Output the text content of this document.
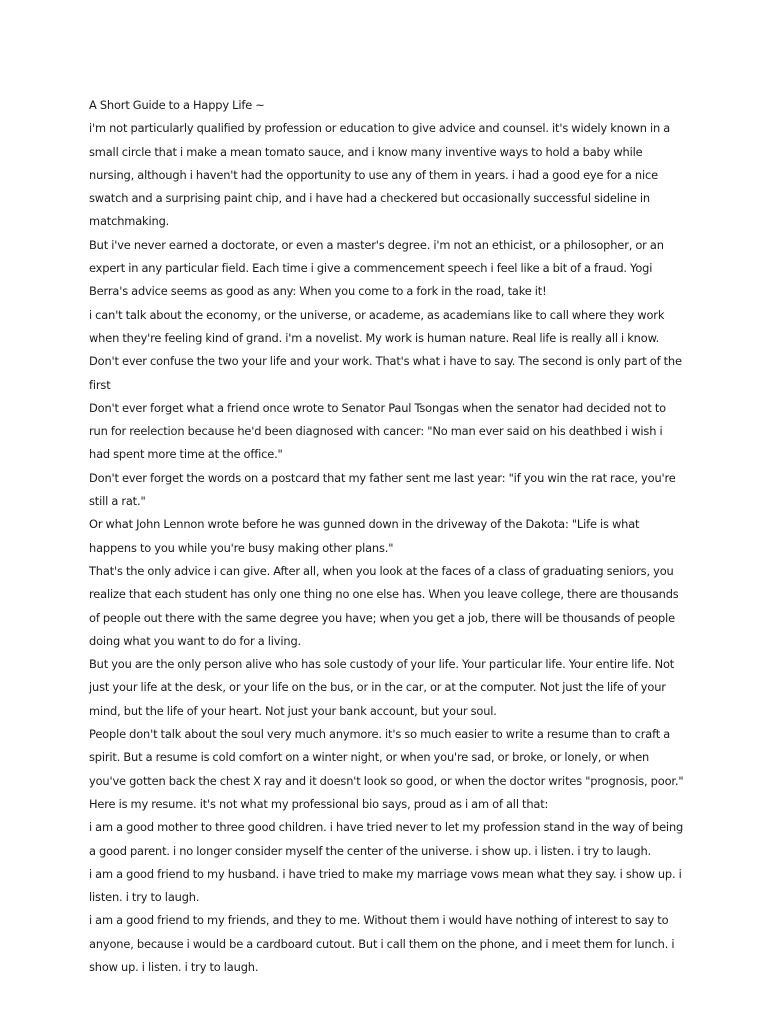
A Short Guide to a Happy Life ~
i'm not particularly qualified by profession or education to give advice and counsel. it's widely known in a small circle that i make a mean tomato sauce, and i know many inventive ways to hold a baby while nursing, although i haven't had the opportunity to use any of them in years. i had a good eye for a nice swatch and a surprising paint chip, and i have had a checkered but occasionally successful sideline in matchmaking.
But i've never earned a doctorate, or even a master's degree. i'm not an ethicist, or a philosopher, or an expert in any particular field. Each time i give a commencement speech i feel like a bit of a fraud. Yogi Berra's advice seems as good as any: When you come to a fork in the road, take it!
i can't talk about the economy, or the universe, or academe, as academians like to call where they work when they're feeling kind of grand. i'm a novelist. My work is human nature. Real life is really all i know.
Don't ever confuse the two your life and your work. That's what i have to say. The second is only part of the first
Don't ever forget what a friend once wrote to Senator Paul Tsongas when the senator had decided not to run for reelection because he'd been diagnosed with cancer: "No man ever said on his deathbed i wish i had spent more time at the office."
Don't ever forget the words on a postcard that my father sent me last year: "if you win the rat race, you're still a rat."
Or what John Lennon wrote before he was gunned down in the driveway of the Dakota: "Life is what happens to you while you're busy making other plans."
That's the only advice i can give. After all, when you look at the faces of a class of graduating seniors, you realize that each student has only one thing no one else has. When you leave college, there are thousands of people out there with the same degree you have; when you get a job, there will be thousands of people doing what you want to do for a living.
But you are the only person alive who has sole custody of your life. Your particular life. Your entire life. Not just your life at the desk, or your life on the bus, or in the car, or at the computer. Not just the life of your mind, but the life of your heart. Not just your bank account, but your soul.
People don't talk about the soul very much anymore. it's so much easier to write a resume than to craft a spirit. But a resume is cold comfort on a winter night, or when you're sad, or broke, or lonely, or when you've gotten back the chest X ray and it doesn't look so good, or when the doctor writes "prognosis, poor."
Here is my resume. it's not what my professional bio says, proud as i am of all that:
i am a good mother to three good children. i have tried never to let my profession stand in the way of being a good parent. i no longer consider myself the center of the universe. i show up. i listen. i try to laugh.
i am a good friend to my husband. i have tried to make my marriage vows mean what they say. i show up. i listen. i try to laugh.
i am a good friend to my friends, and they to me. Without them i would have nothing of interest to say to anyone, because i would be a cardboard cutout. But i call them on the phone, and i meet them for lunch. i show up. i listen. i try to laugh.
